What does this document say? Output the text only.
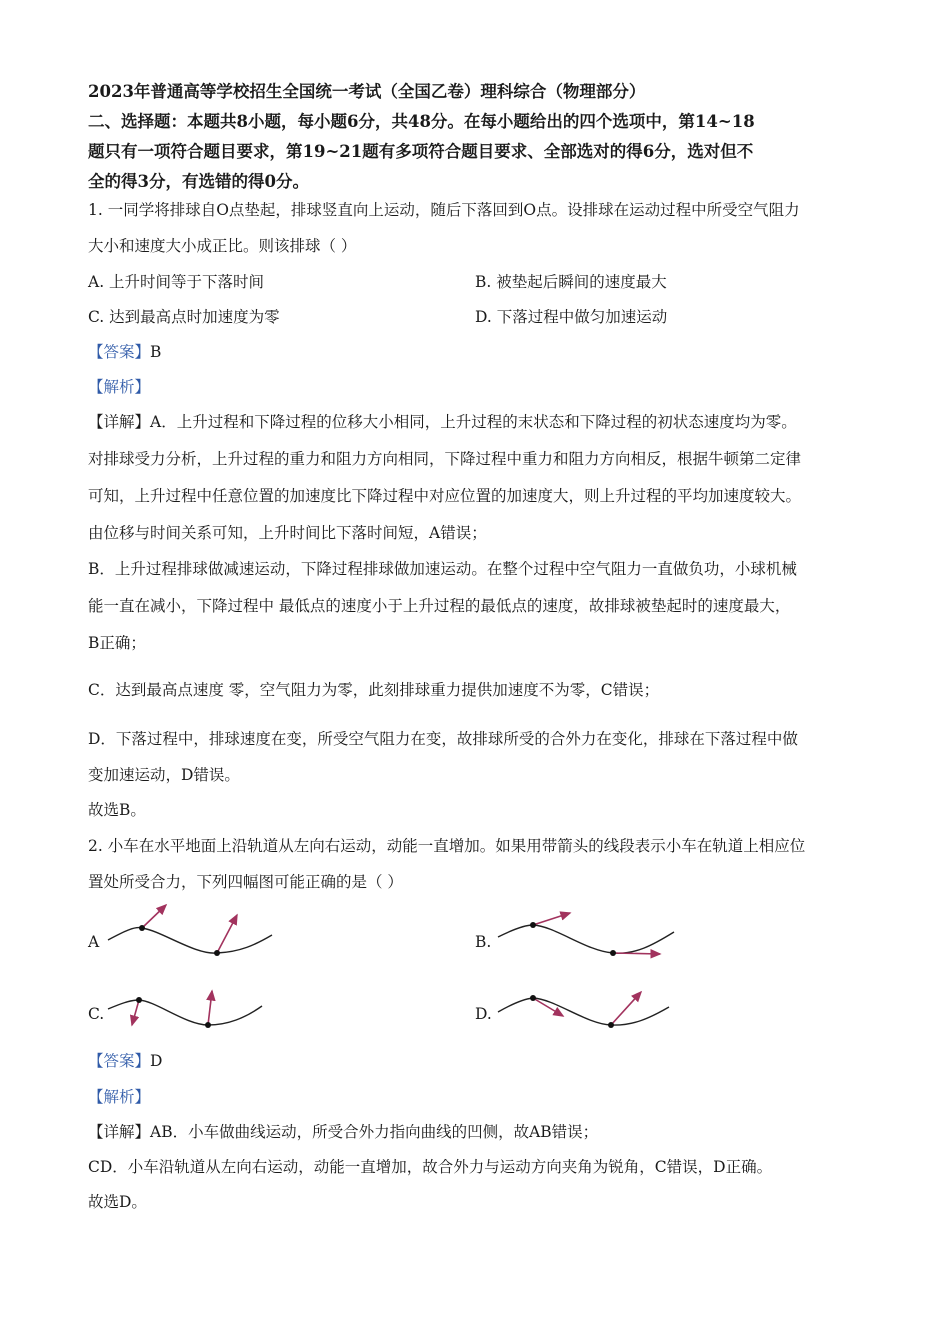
2023年普通高等学校招生全国统一考试（全国乙卷）理科综合（物理部分）
二、选择题：本题共8小题，每小题6分，共48分。在每小题给出的四个选项中，第14~18
题只有一项符合题目要求，第19~21题有多项符合题目要求、全部选对的得6分，选对但不
全的得3分，有选错的得0分。
1. 一同学将排球自O点垫起，排球竖直向上运动，随后下落回到O点。设排球在运动过程中所受空气阻力
大小和速度大小成正比。则该排球（ ）
A. 上升时间等于下落时间	B. 被垫起后瞬间的速度最大
C. 达到最高点时加速度为零	D. 下落过程中做匀加速运动
【答案】B
【解析】
【详解】A．上升过程和下降过程的位移大小相同，上升过程的末状态和下降过程的初状态速度均为零。
对排球受力分析，上升过程的重力和阻力方向相同，下降过程中重力和阻力方向相反，根据牛顿第二定律
可知，上升过程中任意位置的加速度比下降过程中对应位置的加速度大，则上升过程的平均加速度较大。
由位移与时间关系可知，上升时间比下落时间短，A错误；
B．上升过程排球做减速运动，下降过程排球做加速运动。在整个过程中空气阻力一直做负功，小球机械
能一直在减小，下降过程中 最低点的速度小于上升过程的最低点的速度，故排球被垫起时的速度最大，
B正确；
C．达到最高点速度 零，空气阻力为零，此刻排球重力提供加速度不为零，C错误；
D．下落过程中，排球速度在变，所受空气阻力在变，故排球所受的合外力在变化，排球在下落过程中做
变加速运动，D错误。
故选B。
2. 小车在水平地面上沿轨道从左向右运动，动能一直增加。如果用带箭头的线段表示小车在轨道上相应位
置处所受合力，下列四幅图可能正确的是（ ）
A	B.
C.	D.
【答案】D
【解析】
【详解】AB．小车做曲线运动，所受合外力指向曲线的凹侧，故AB错误；
CD．小车沿轨道从左向右运动，动能一直增加，故合外力与运动方向夹角为锐角，C错误，D正确。
故选D。
